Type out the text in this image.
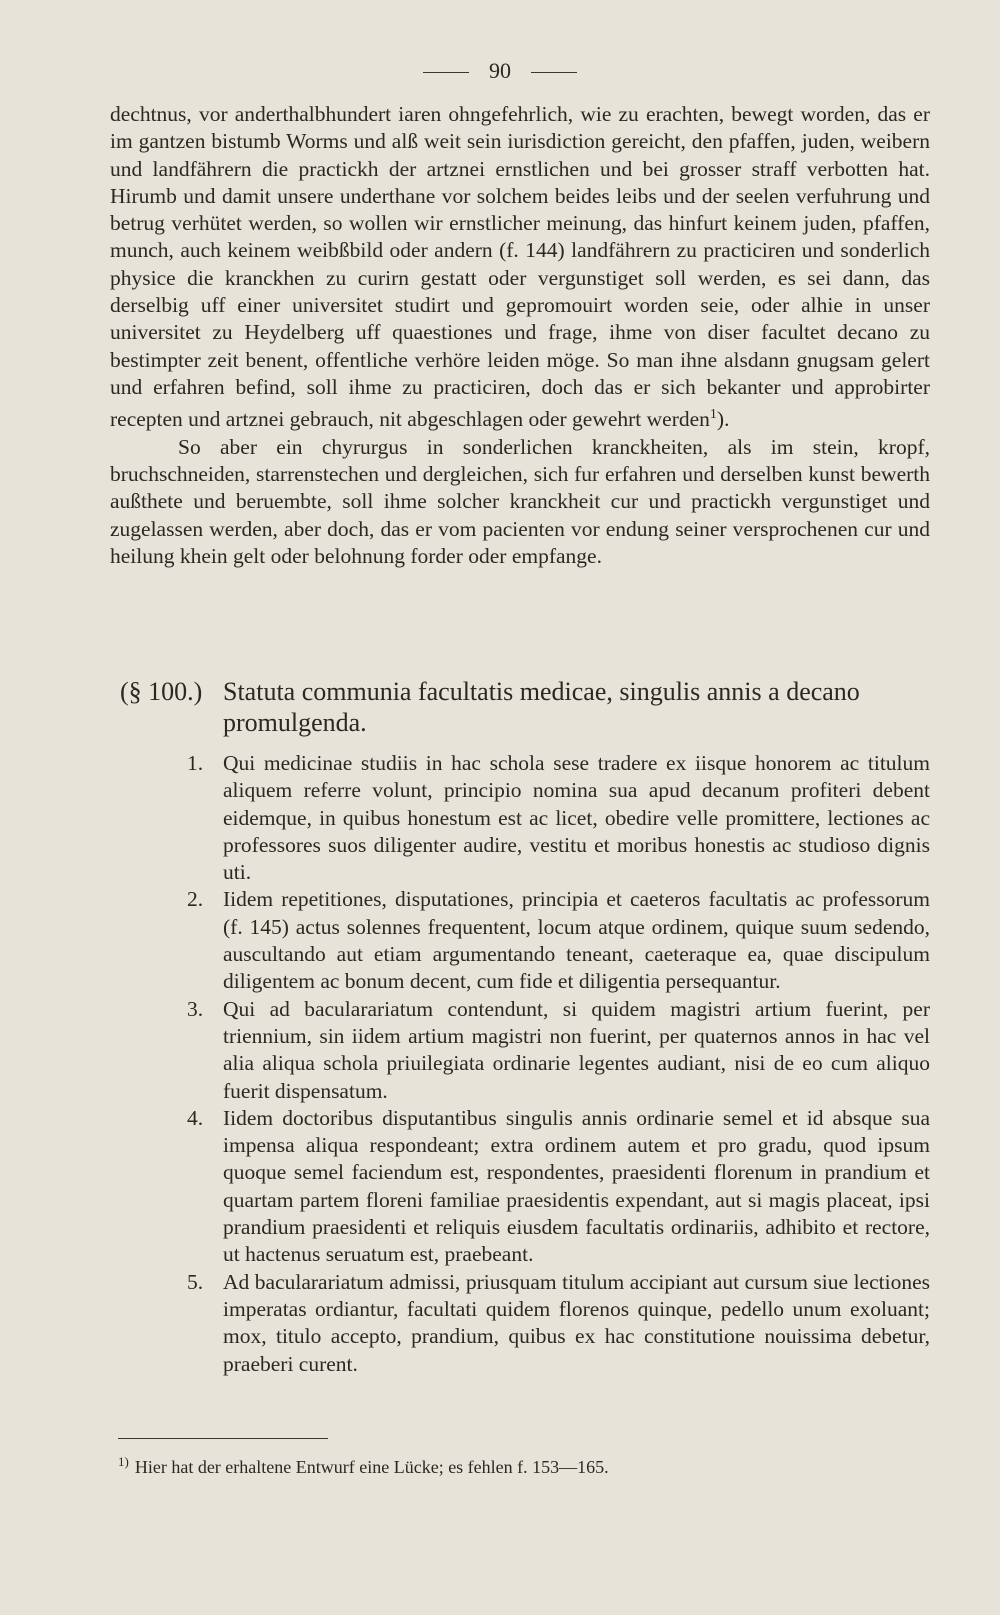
90

dechtnus, vor anderthalbhundert iaren ohngefehrlich, wie zu erachten, bewegt worden, das er im gantzen bistumb Worms und alß weit sein iurisdiction gereicht, den pfaffen, juden, weibern und landfährern die practickh der artznei ernstlichen und bei grosser straff verbotten hat. Hirumb und damit unsere underthane vor solchem beides leibs und der seelen verfuhrung und betrug verhütet werden, so wollen wir ernstlicher meinung, das hinfurt keinem juden, pfaffen, munch, auch keinem weibßbild oder andern (f. 144) landfährern zu practiciren und sonderlich physice die kranckhen zu curirn gestatt oder vergunstiget soll werden, es sei dann, das derselbig uff einer universitet studirt und gepromouirt worden seie, oder alhie in unser universitet zu Heydelberg uff quaestiones und frage, ihme von diser facultet decano zu bestimpter zeit benent, offentliche verhöre leiden möge. So man ihne alsdann gnugsam gelert und erfahren befind, soll ihme zu practiciren, doch das er sich bekanter und approbirter recepten und artznei gebrauch, nit abgeschlagen oder gewehrt werden$^1$).

So aber ein chyrurgus in sonderlichen kranckheiten, als im stein, kropf, bruchschneiden, starrenstechen und dergleichen, sich fur erfahren und derselben kunst bewerth außthete und beruembte, soll ihme solcher kranckheit cur und practickh vergunstiget und zugelassen werden, aber doch, das er vom pacienten vor endung seiner versprochenen cur und heilung khein gelt oder belohnung forder oder empfange.

(§ 100.) Statuta communia facultatis medicae, singulis annis a decano promulgenda.
1. Qui medicinae studiis in hac schola sese tradere ex iisque honorem ac titulum aliquem referre volunt, principio nomina sua apud decanum profiteri debent eidemque, in quibus honestum est ac licet, obedire velle promittere, lectiones ac professores suos diligenter audire, vestitu et moribus honestis ac studioso dignis uti.
2. Iidem repetitiones, disputationes, principia et caeteros facultatis ac professorum (f. 145) actus solennes frequentent, locum atque ordinem, quique suum sedendo, auscultando aut etiam argumentando teneant, caeteraque ea, quae discipulum diligentem ac bonum decent, cum fide et diligentia persequantur.
3. Qui ad bacularariatum contendunt, si quidem magistri artium fuerint, per triennium, sin iidem artium magistri non fuerint, per quaternos annos in hac vel alia aliqua schola priuilegiata ordinarie legentes audiant, nisi de eo cum aliquo fuerit dispensatum.
4. Iidem doctoribus disputantibus singulis annis ordinarie semel et id absque sua impensa aliqua respondeant; extra ordinem autem et pro gradu, quod ipsum quoque semel faciendum est, respondentes, praesidenti florenum in prandium et quartam partem floreni familiae praesidentis expendant, aut si magis placeat, ipsi prandium praesidenti et reliquis eiusdem facultatis ordinariis, adhibito et rectore, ut hactenus seruatum est, praebeant.
5. Ad bacularariatum admissi, priusquam titulum accipiant aut cursum siue lectiones imperatas ordiantur, facultati quidem florenos quinque, pedello unum exoluant; mox, titulo accepto, prandium, quibus ex hac constitutione nouissima debetur, praeberi curent.
$^{1)}$ Hier hat der erhaltene Entwurf eine Lücke; es fehlen f. 153—165.
